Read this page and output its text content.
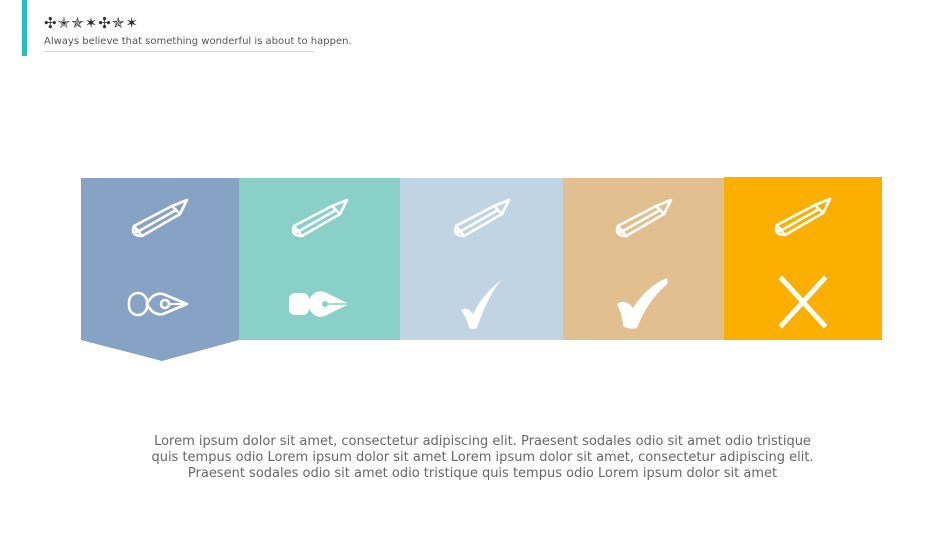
✣✭✯✶✣✯✶
Always believe that something wonderful is about to happen.
Lorem ipsum dolor sit amet, consectetur adipiscing elit. Praesent sodales odio sit amet odio tristique quis tempus odio Lorem ipsum dolor sit amet Lorem ipsum dolor sit amet, consectetur adipiscing elit. Praesent sodales odio sit amet odio tristique quis tempus odio Lorem ipsum dolor sit amet
